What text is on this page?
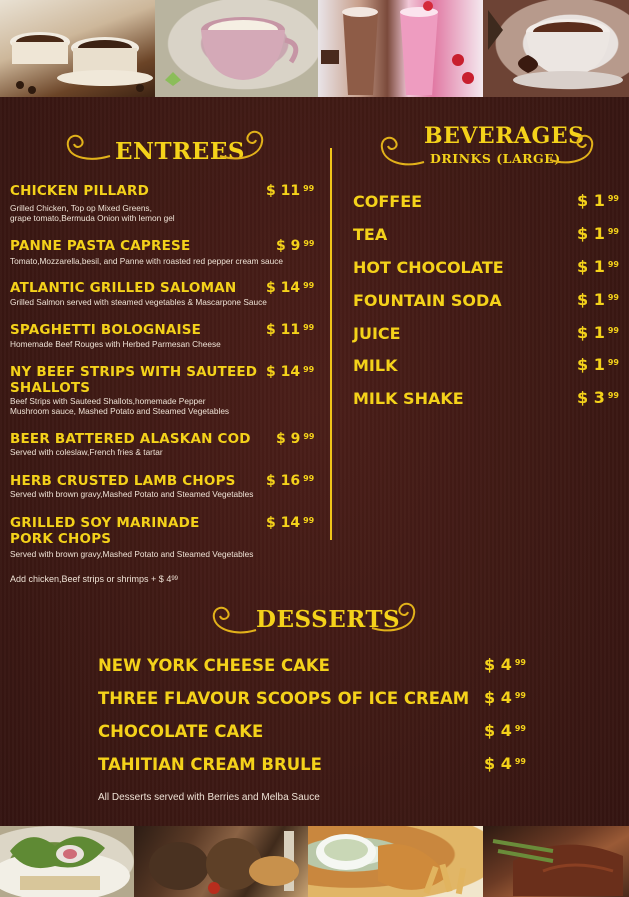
ENTREES
CHICKEN PILLARD
Grilled Chicken, Top op Mixed Greens,
grape tomato,Bermuda Onion with lemon gel
$ 11 $^{99}$
PANNE PASTA CAPRESE
Tomato,Mozzarella,besil, and Panne with roasted red pepper cream sauce
$ 9 $^{99}$
ATLANTIC GRILLED SALOMAN
Grilled Salmon served with steamed vegetables & Mascarpone Sauce
$ 14 $^{99}$
SPAGHETTI BOLOGNAISE
Homemade Beef Rouges with Herbed Parmesan Cheese
$ 11 $^{99}$
NY BEEF STRIPS WITH SAUTEED
SHALLOTS
Beef Strips with Sauteed Shallots,homemade Pepper
Mushroom sauce, Mashed Potato and Steamed Vegetables
$ 14 $^{99}$
BEER BATTERED ALASKAN COD
Served with coleslaw,French fries & tartar
$ 9 $^{99}$
HERB CRUSTED LAMB CHOPS
Served with brown gravy,Mashed Potato and Steamed Vegetables
$ 16 $^{99}$
GRILLED SOY MARINADE
PORK CHOPS
Served with brown gravy,Mashed Potato and Steamed Vegetables
$ 14 $^{99}$
Add chicken,Beef strips or shrimps + $ $4^{99}$
BEVERAGES
DRINKS (LARGE)
COFFEE	$ 1 $^{99}$
TEA	$ 1 $^{99}$
HOT CHOCOLATE	$ 1 $^{99}$
FOUNTAIN SODA	$ 1 $^{99}$
JUICE	$ 1 $^{99}$
MILK	$ 1 $^{99}$
MILK SHAKE	$ 3 $^{99}$
DESSERTS
NEW YORK CHEESE CAKE	$ 4 $^{99}$
THREE FLAVOUR SCOOPS OF ICE CREAM $ 4 $^{99}$
CHOCOLATE CAKE	$ 4 $^{99}$
TAHITIAN CREAM BRULE	$ 4 $^{99}$
All Desserts served with Berries and Melba Sauce
